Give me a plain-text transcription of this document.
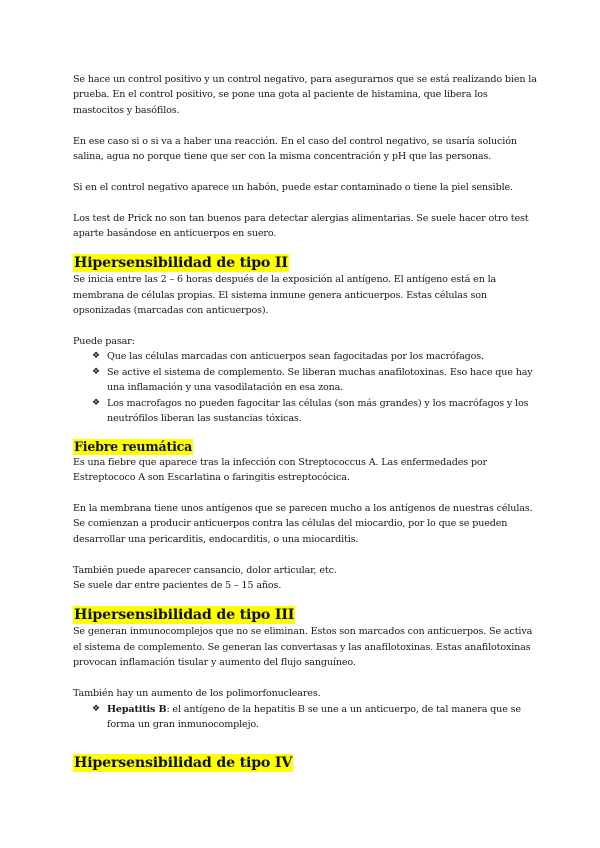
Se hace un control positivo y un control negativo, para asegurarnos que se está realizando bien la prueba. En el control positivo, se pone una gota al paciente de histamina, que libera los mastocitos y basófilos.

En ese caso si o si va a haber una reacción. En el caso del control negativo, se usaría solución salina, agua no porque tiene que ser con la misma concentración y pH que las personas.

Si en el control negativo aparece un habón, puede estar contaminado o tiene la piel sensible.

Los test de Prick no son tan buenos para detectar alergias alimentarias. Se suele hacer otro test aparte basándose en anticuerpos en suero.

Hipersensibilidad de tipo II

Se inicia entre las 2 – 6 horas después de la exposición al antígeno. El antígeno está en la membrana de células propias. El sistema inmune genera anticuerpos. Estas células son opsonizadas (marcadas con anticuerpos).

Puede pasar:

❖ Que las células marcadas con anticuerpos sean fagocitadas por los macrófagos.
❖ Se active el sistema de complemento. Se liberan muchas anafilotoxinas. Eso hace que hay una inflamación y una vasodilatación en esa zona.
❖ Los macrofagos no pueden fagocitar las células (son más grandes) y los macrófagos y los neutrófilos liberan las sustancias tóxicas.
Fiebre reumática

Es una fiebre que aparece tras la infección con Streptococcus A. Las enfermedades por Estreptococo A son Escarlatina o faringitis estreptocócica.

En la membrana tiene unos antígenos que se parecen mucho a los antígenos de nuestras células. Se comienzan a producir anticuerpos contra las células del miocardio, por lo que se pueden desarrollar una pericarditis, endocarditis, o una miocarditis.

También puede aparecer cansancio, dolor articular, etc.

Se suele dar entre pacientes de 5 – 15 años.

Hipersensibilidad de tipo III

Se generan inmunocomplejos que no se eliminan. Estos son marcados con anticuerpos. Se activa el sistema de complemento. Se generan las convertasas y las anafilotoxinas. Estas anafilotoxinas provocan inflamación tisular y aumento del flujo sanguíneo.

También hay un aumento de los polimorfonucleares.

❖ Hepatitis B: el antígeno de la hepatitis B se une a un anticuerpo, de tal manera que se forma un gran inmunocomplejo.
Hipersensibilidad de tipo IV
